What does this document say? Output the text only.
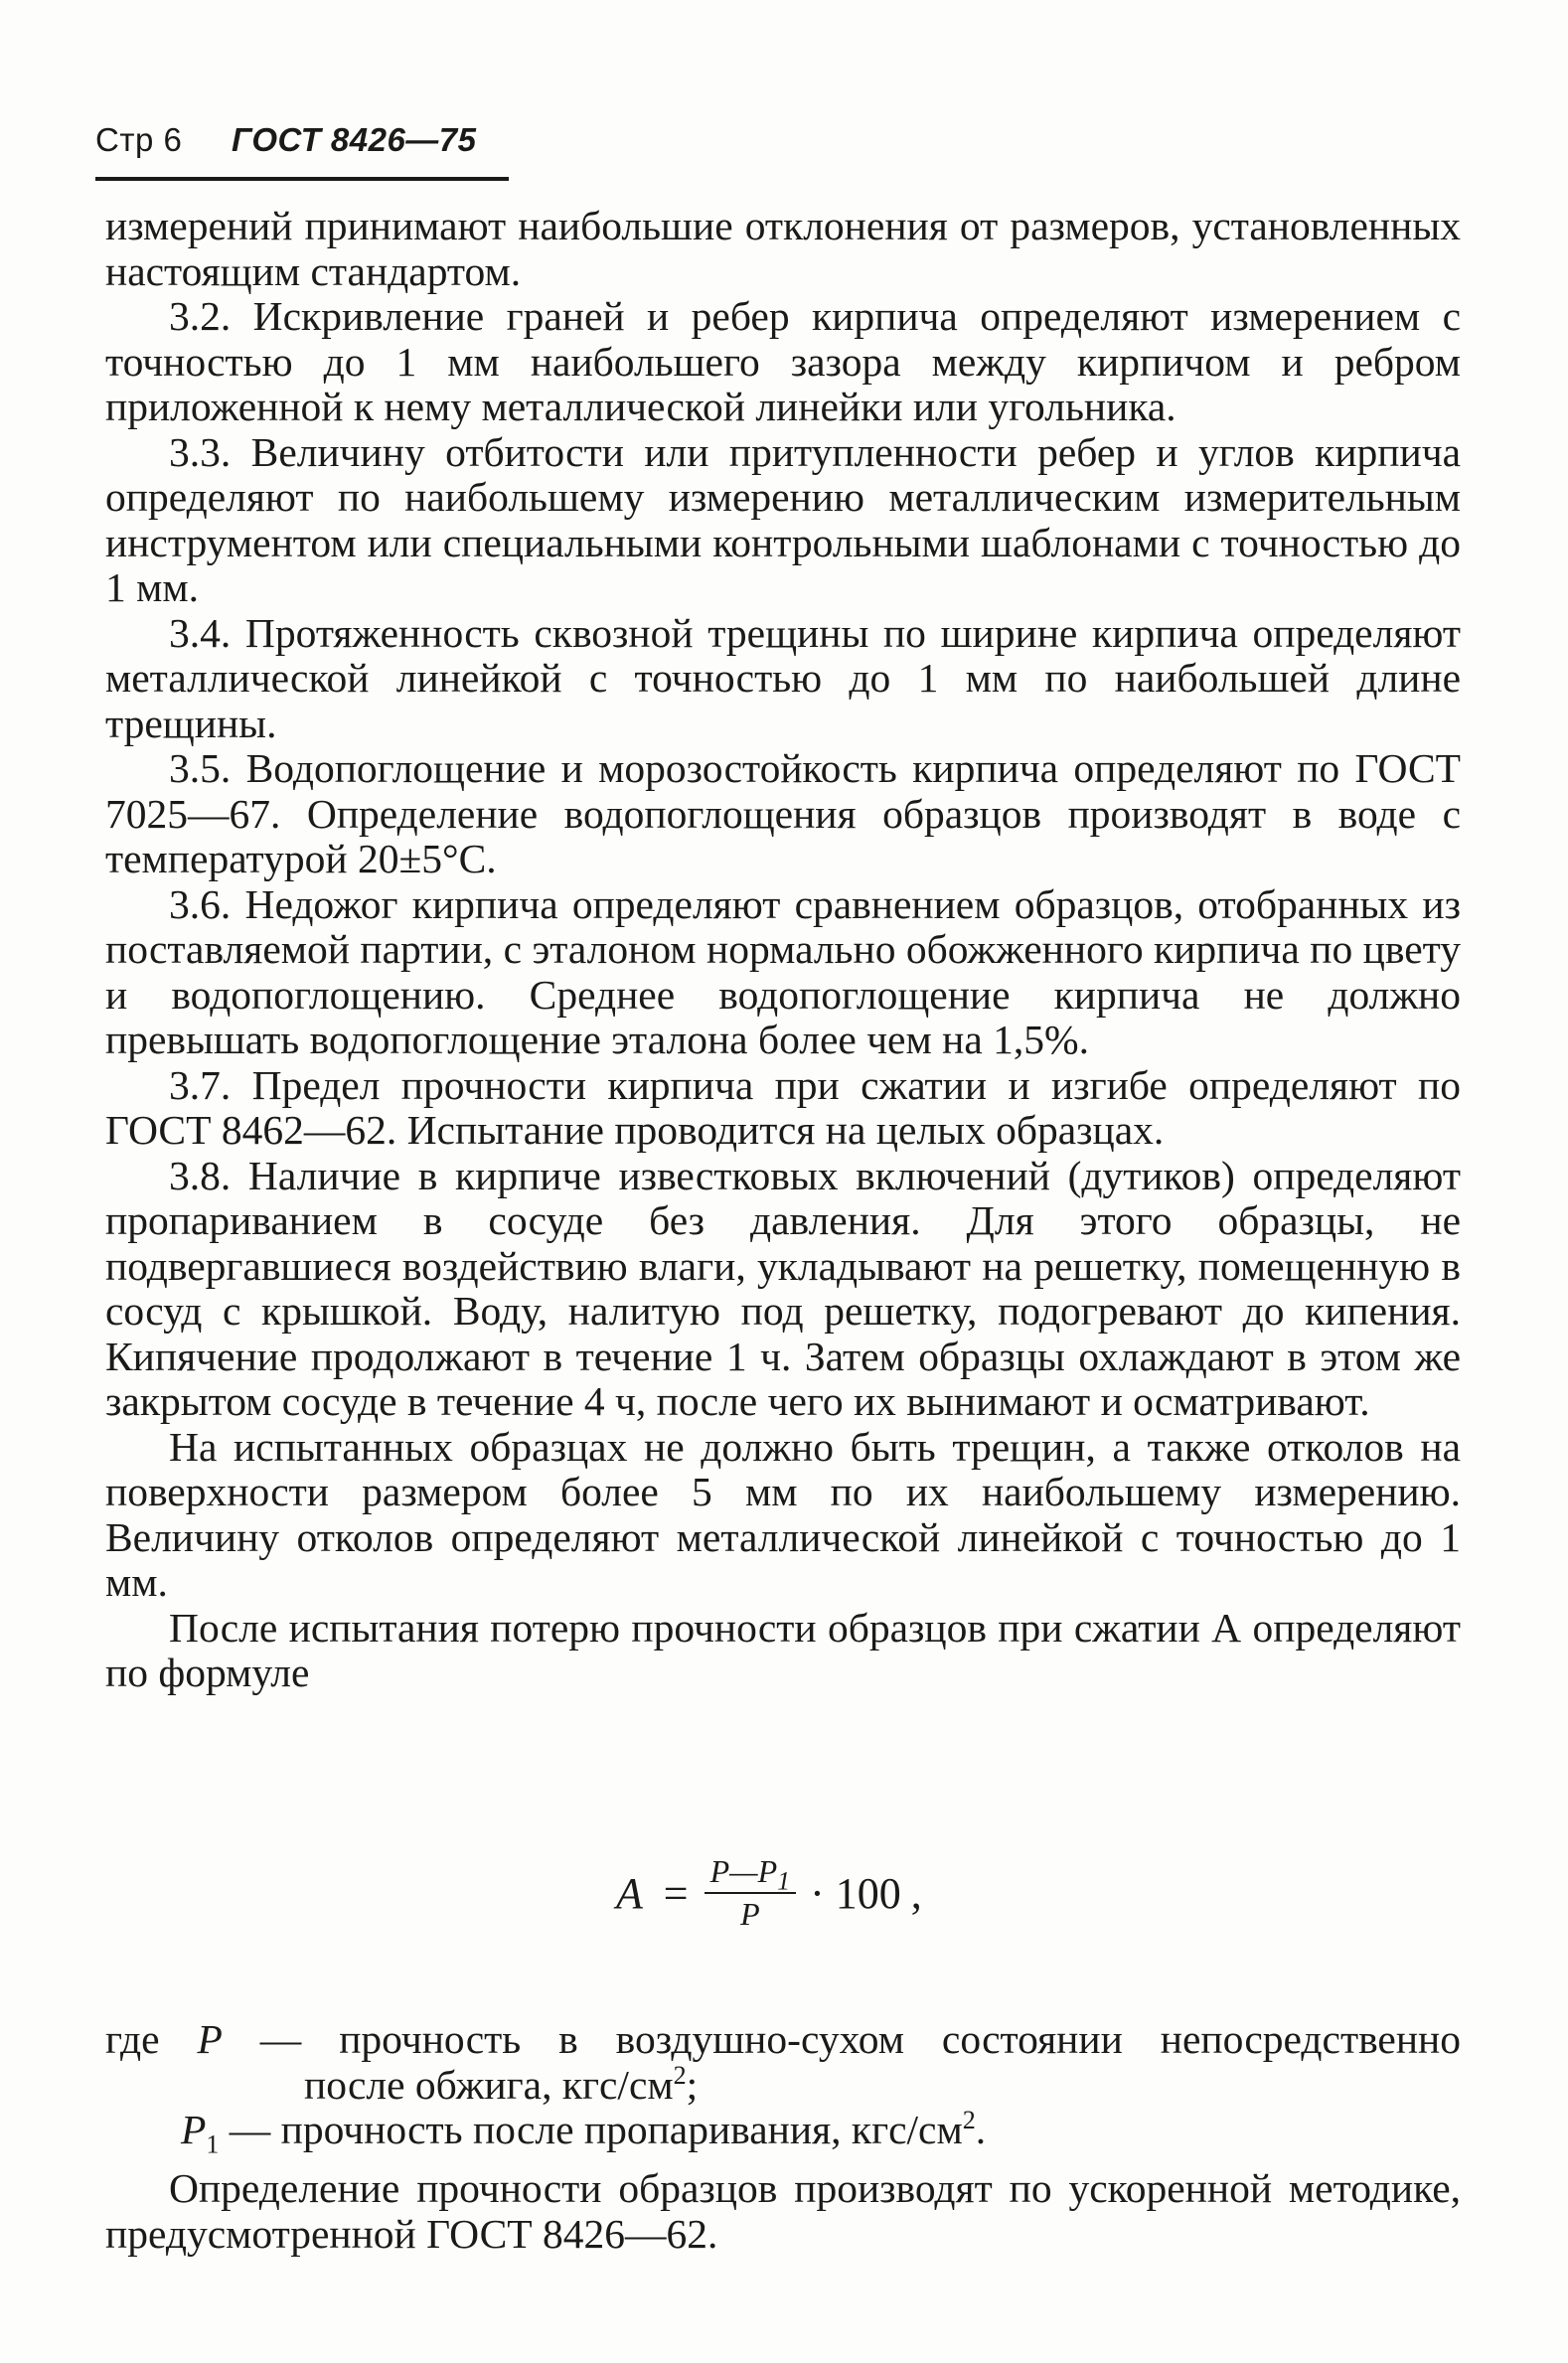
Стр 6 ГОСТ 8426—75

измерений принимают наибольшие отклонения от размеров, установленных настоящим стандартом.

3.2. Искривление граней и ребер кирпича определяют измерением с точностью до 1 мм наибольшего зазора между кирпичом и ребром приложенной к нему металлической линейки или угольника.

3.3. Величину отбитости или притупленности ребер и углов кирпича определяют по наибольшему измерению металлическим измерительным инструментом или специальными контрольными шаблонами с точностью до 1 мм.

3.4. Протяженность сквозной трещины по ширине кирпича определяют металлической линейкой с точностью до 1 мм по наибольшей длине трещины.

3.5. Водопоглощение и морозостойкость кирпича определяют по ГОСТ 7025—67. Определение водопоглощения образцов производят в воде с температурой 20±5°С.

3.6. Недожог кирпича определяют сравнением образцов, отобранных из поставляемой партии, с эталоном нормально обожженного кирпича по цвету и водопоглощению. Среднее водопоглощение кирпича не должно превышать водопоглощение эталона более чем на 1,5%.

3.7. Предел прочности кирпича при сжатии и изгибе определяют по ГОСТ 8462—62. Испытание проводится на целых образцах.

3.8. Наличие в кирпиче известковых включений (дутиков) определяют пропариванием в сосуде без давления. Для этого образцы, не подвергавшиеся воздействию влаги, укладывают на решетку, помещенную в сосуд с крышкой. Воду, налитую под решетку, подогревают до кипения. Кипячение продолжают в течение 1 ч. Затем образцы охлаждают в этом же закрытом сосуде в течение 4 ч, после чего их вынимают и осматривают.

На испытанных образцах не должно быть трещин, а также отколов на поверхности размером более 5 мм по их наибольшему измерению. Величину отколов определяют металлической линейкой с точностью до 1 мм.

После испытания потерю прочности образцов при сжатии А определяют по формуле

$A = \frac{P—P_1}{P} \cdot 100$ ,
где P — прочность в воздушно-сухом состоянии непосредственно
после обжига, кгс/$см^2$;
$P_1$ — прочность после пропаривания, кгс/$см^2$.

Определение прочности образцов производят по ускоренной методике, предусмотренной ГОСТ 8426—62.
